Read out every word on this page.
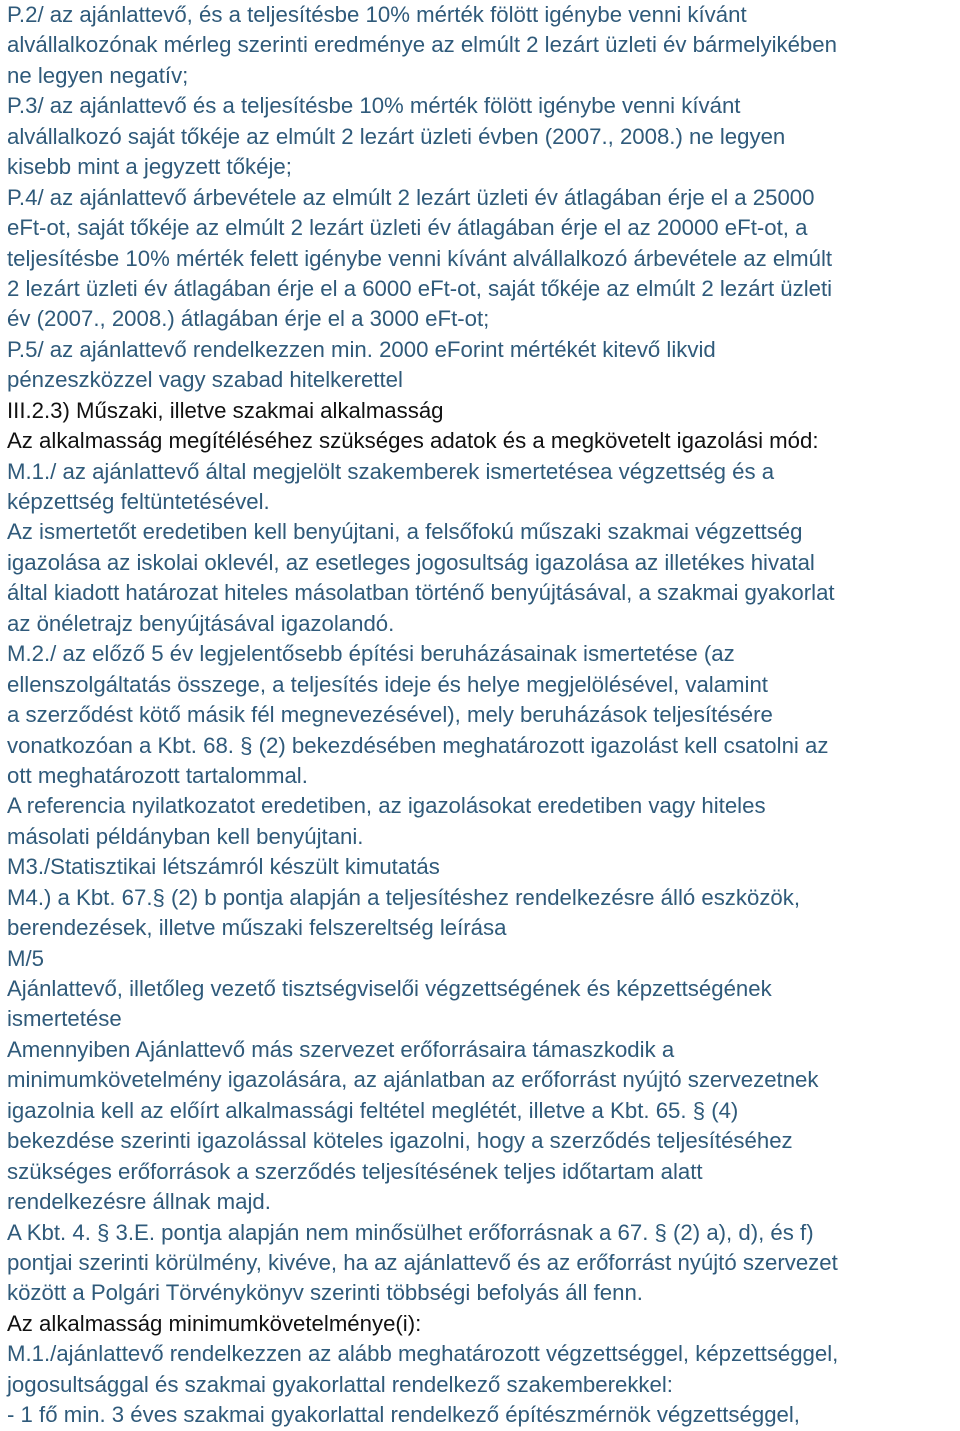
P.2/ az ajánlattevő, és a teljesítésbe 10% mérték fölött igénybe venni kívánt
alvállalkozónak mérleg szerinti eredménye az elmúlt 2 lezárt üzleti év bármelyikében
ne legyen negatív;
P.3/ az ajánlattevő és a teljesítésbe 10% mérték fölött igénybe venni kívánt
alvállalkozó saját tőkéje az elmúlt 2 lezárt üzleti évben (2007., 2008.) ne legyen
kisebb mint a jegyzett tőkéje;
P.4/ az ajánlattevő árbevétele az elmúlt 2 lezárt üzleti év átlagában érje el a 25000
eFt-ot, saját tőkéje az elmúlt 2 lezárt üzleti év átlagában érje el az 20000 eFt-ot, a
teljesítésbe 10% mérték felett igénybe venni kívánt alvállalkozó árbevétele az elmúlt
2 lezárt üzleti év átlagában érje el a 6000 eFt-ot, saját tőkéje az elmúlt 2 lezárt üzleti
év (2007., 2008.) átlagában érje el a 3000 eFt-ot;
P.5/ az ajánlattevő rendelkezzen min. 2000 eForint mértékét kitevő likvid
pénzeszközzel vagy szabad hitelkerettel
III.2.3) Műszaki, illetve szakmai alkalmasság
Az alkalmasság megítéléséhez szükséges adatok és a megkövetelt igazolási mód:
M.1./ az ajánlattevő által megjelölt szakemberek ismertetésea végzettség és a
képzettség feltüntetésével.
Az ismertetőt eredetiben kell benyújtani, a felsőfokú műszaki szakmai végzettség
igazolása az iskolai oklevél, az esetleges jogosultság igazolása az illetékes hivatal
által kiadott határozat hiteles másolatban történő benyújtásával, a szakmai gyakorlat
az önéletrajz benyújtásával igazolandó.
M.2./ az előző 5 év legjelentősebb építési beruházásainak ismertetése (az
ellenszolgáltatás összege, a teljesítés ideje és helye megjelölésével, valamint
a szerződést kötő másik fél megnevezésével), mely beruházások teljesítésére
vonatkozóan a Kbt. 68. § (2) bekezdésében meghatározott igazolást kell csatolni az
ott meghatározott tartalommal.
A referencia nyilatkozatot eredetiben, az igazolásokat eredetiben vagy hiteles
másolati példányban kell benyújtani.
M3./Statisztikai létszámról készült kimutatás
M4.) a Kbt. 67.§ (2) b pontja alapján a teljesítéshez rendelkezésre álló eszközök,
berendezések, illetve műszaki felszereltség leírása
M/5
Ajánlattevő, illetőleg vezető tisztségviselői végzettségének és képzettségének
ismertetése
Amennyiben Ajánlattevő más szervezet erőforrásaira támaszkodik a
minimumkövetelmény igazolására, az ajánlatban az erőforrást nyújtó szervezetnek
igazolnia kell az előírt alkalmassági feltétel meglétét, illetve a Kbt. 65. § (4)
bekezdése szerinti igazolással köteles igazolni, hogy a szerződés teljesítéséhez
szükséges erőforrások a szerződés teljesítésének teljes időtartam alatt
rendelkezésre állnak majd.
A Kbt. 4. § 3.E. pontja alapján nem minősülhet erőforrásnak a 67. § (2) a), d), és f)
pontjai szerinti körülmény, kivéve, ha az ajánlattevő és az erőforrást nyújtó szervezet
között a Polgári Törvénykönyv szerinti többségi befolyás áll fenn.
Az alkalmasság minimumkövetelménye(i):
M.1./ajánlattevő rendelkezzen az alább meghatározott végzettséggel, képzettséggel,
jogosultsággal és szakmai gyakorlattal rendelkező szakemberekkel:
- 1 fő min. 3 éves szakmai gyakorlattal rendelkező építészmérnök végzettséggel,
